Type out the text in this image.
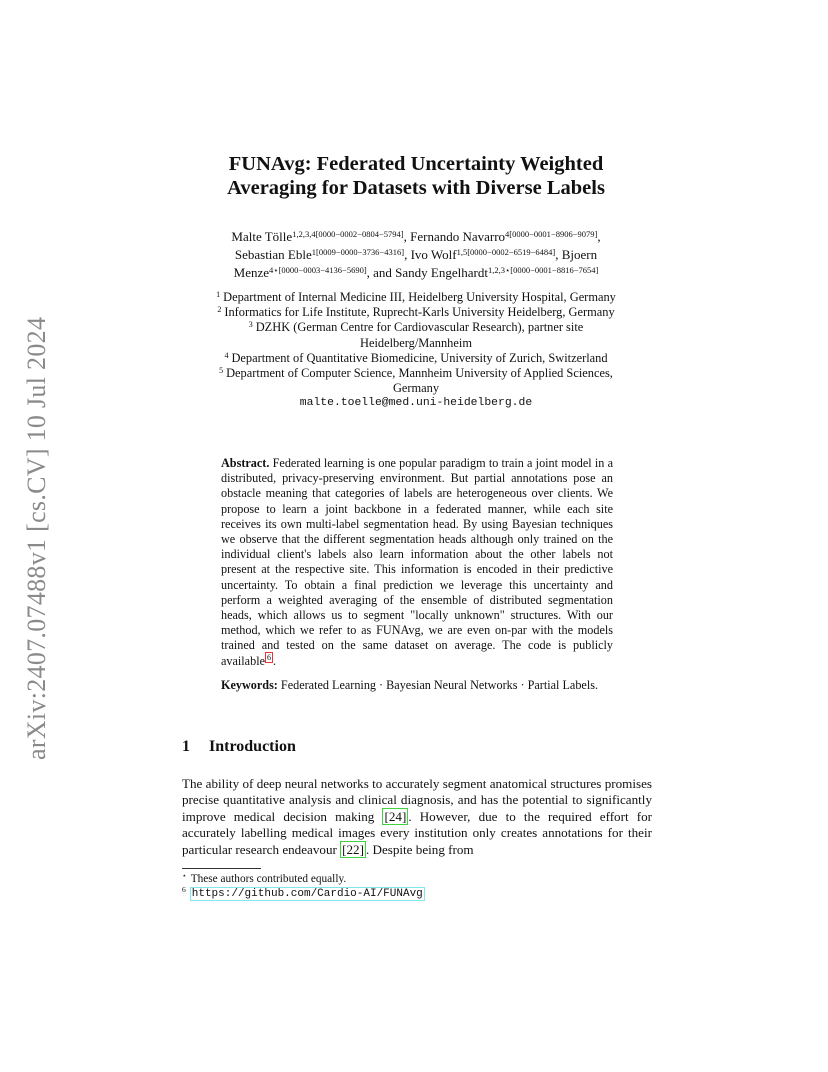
arXiv:2407.07488v1 [cs.CV] 10 Jul 2024
FUNAvg: Federated Uncertainty Weighted
Averaging for Datasets with Diverse Labels
Malte Tölle$^{1,2,3,4[0000-0002-0804-5794]}$, Fernando Navarro$^{4[0000-0001-8906-9079]}$,
Sebastian Eble$^{1[0009-0000-3736-4316]}$, Ivo Wolf$^{1,5[0000-0002-6519-6484]}$, Bjoern
Menze$^{4⋆[0000-0003-4136-5690]}$, and Sandy Engelhardt$^{1,2,3⋆[0000-0001-8816-7654]}$
$^1$ Department of Internal Medicine III, Heidelberg University Hospital, Germany
$^2$ Informatics for Life Institute, Ruprecht-Karls University Heidelberg, Germany
$^3$ DZHK (German Centre for Cardiovascular Research), partner site Heidelberg/Mannheim
$^4$ Department of Quantitative Biomedicine, University of Zurich, Switzerland
$^5$ Department of Computer Science, Mannheim University of Applied Sciences, Germany
malte.toelle@med.uni-heidelberg.de
Abstract. Federated learning is one popular paradigm to train a joint model in a distributed, privacy-preserving environment. But partial annotations pose an obstacle meaning that categories of labels are heterogeneous over clients. We propose to learn a joint backbone in a federated manner, while each site receives its own multi-label segmentation head. By using Bayesian techniques we observe that the different segmentation heads although only trained on the individual client's labels also learn information about the other labels not present at the respective site. This information is encoded in their predictive uncertainty. To obtain a final prediction we leverage this uncertainty and perform a weighted averaging of the ensemble of distributed segmentation heads, which allows us to segment "locally unknown" structures. With our method, which we refer to as FUNAvg, we are even on-par with the models trained and tested on the same dataset on average. The code is publicly available $^6$ .
Keywords: Federated Learning · Bayesian Neural Networks · Partial Labels.
1 Introduction
The ability of deep neural networks to accurately segment anatomical structures promises precise quantitative analysis and clinical diagnosis, and has the potential to significantly improve medical decision making [24] . However, due to the required effort for accurately labelling medical images every institution only creates annotations for their particular research endeavour [22] . Despite being from
⋆ These authors contributed equally.
$^6$ https://github.com/Cardio-AI/FUNAvg
